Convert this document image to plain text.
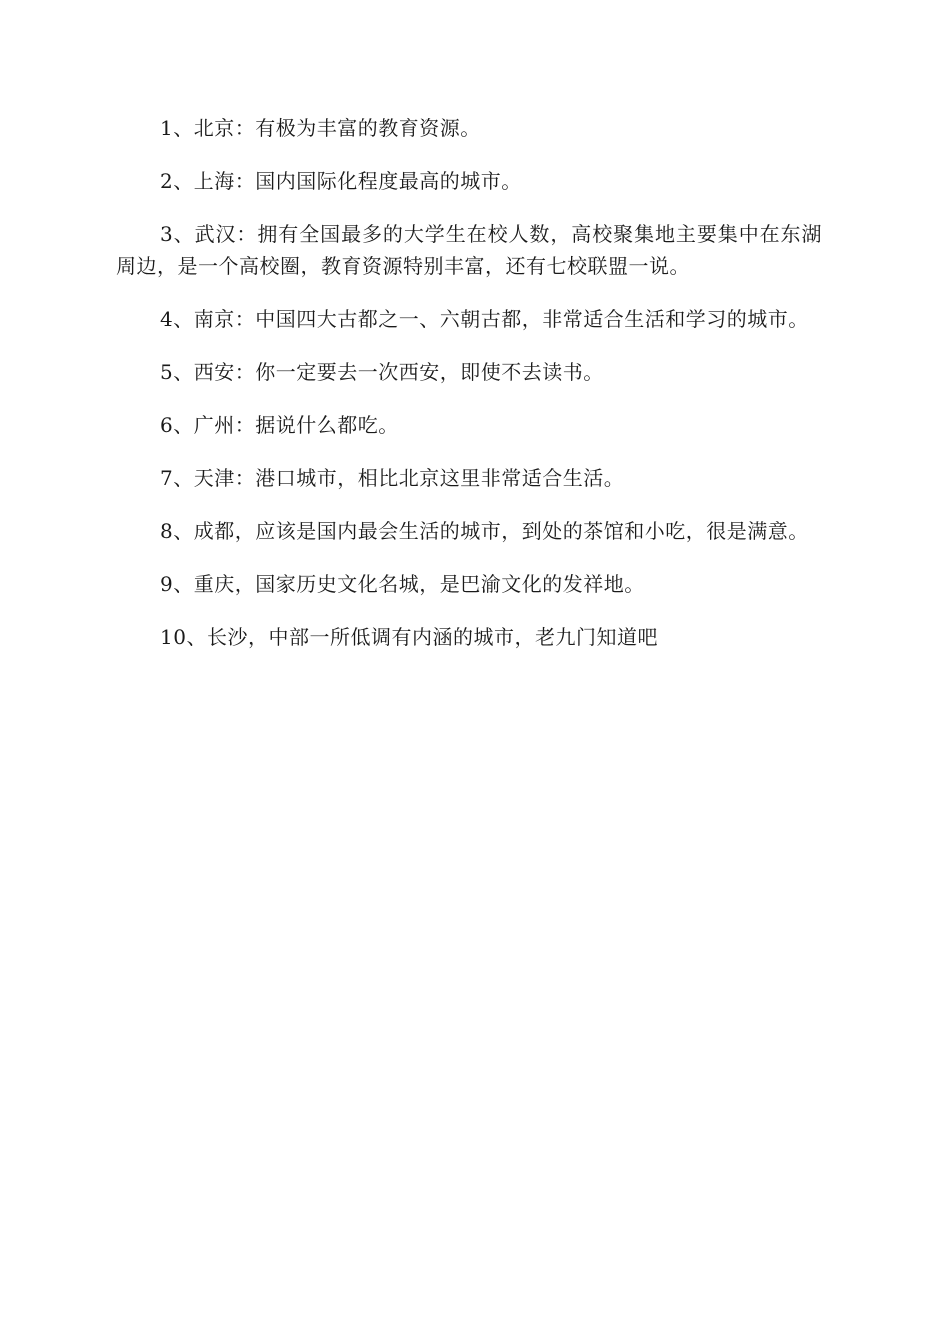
1、北京：有极为丰富的教育资源。

2、上海：国内国际化程度最高的城市。

3、武汉：拥有全国最多的大学生在校人数，高校聚集地主要集中在东湖周边，是一个高校圈，教育资源特别丰富，还有七校联盟一说。

4、南京：中国四大古都之一、六朝古都，非常适合生活和学习的城市。

5、西安：你一定要去一次西安，即使不去读书。

6、广州：据说什么都吃。

7、天津：港口城市，相比北京这里非常适合生活。

8、成都，应该是国内最会生活的城市，到处的茶馆和小吃，很是满意。

9、重庆，国家历史文化名城，是巴渝文化的发祥地。

10、长沙，中部一所低调有内涵的城市，老九门知道吧
